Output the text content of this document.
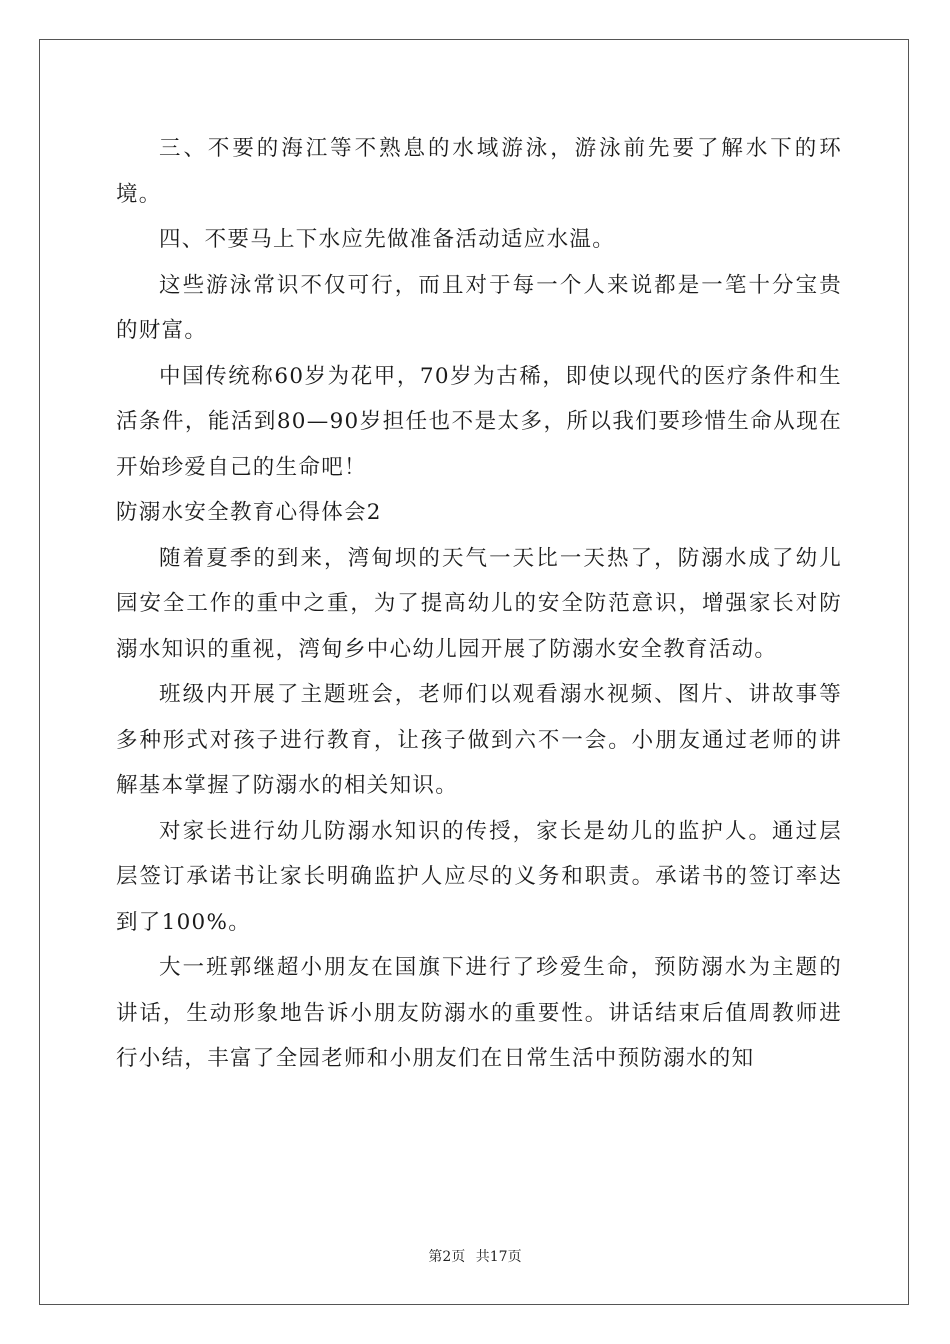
三、不要的海江等不熟息的水域游泳，游泳前先要了解水下的环境。

四、不要马上下水应先做准备活动适应水温。

这些游泳常识不仅可行，而且对于每一个人来说都是一笔十分宝贵的财富。

中国传统称60岁为花甲，70岁为古稀，即使以现代的医疗条件和生活条件，能活到80—90岁担任也不是太多，所以我们要珍惜生命从现在开始珍爱自己的生命吧！

防溺水安全教育心得体会2

随着夏季的到来，湾甸坝的天气一天比一天热了，防溺水成了幼儿园安全工作的重中之重，为了提高幼儿的安全防范意识，增强家长对防溺水知识的重视，湾甸乡中心幼儿园开展了防溺水安全教育活动。

班级内开展了主题班会，老师们以观看溺水视频、图片、讲故事等多种形式对孩子进行教育，让孩子做到六不一会。小朋友通过老师的讲解基本掌握了防溺水的相关知识。

对家长进行幼儿防溺水知识的传授，家长是幼儿的监护人。通过层层签订承诺书让家长明确监护人应尽的义务和职责。承诺书的签订率达到了100%。

大一班郭继超小朋友在国旗下进行了珍爱生命，预防溺水为主题的讲话，生动形象地告诉小朋友防溺水的重要性。讲话结束后值周教师进行小结，丰富了全园老师和小朋友们在日常生活中预防溺水的知

第2页 共17页
